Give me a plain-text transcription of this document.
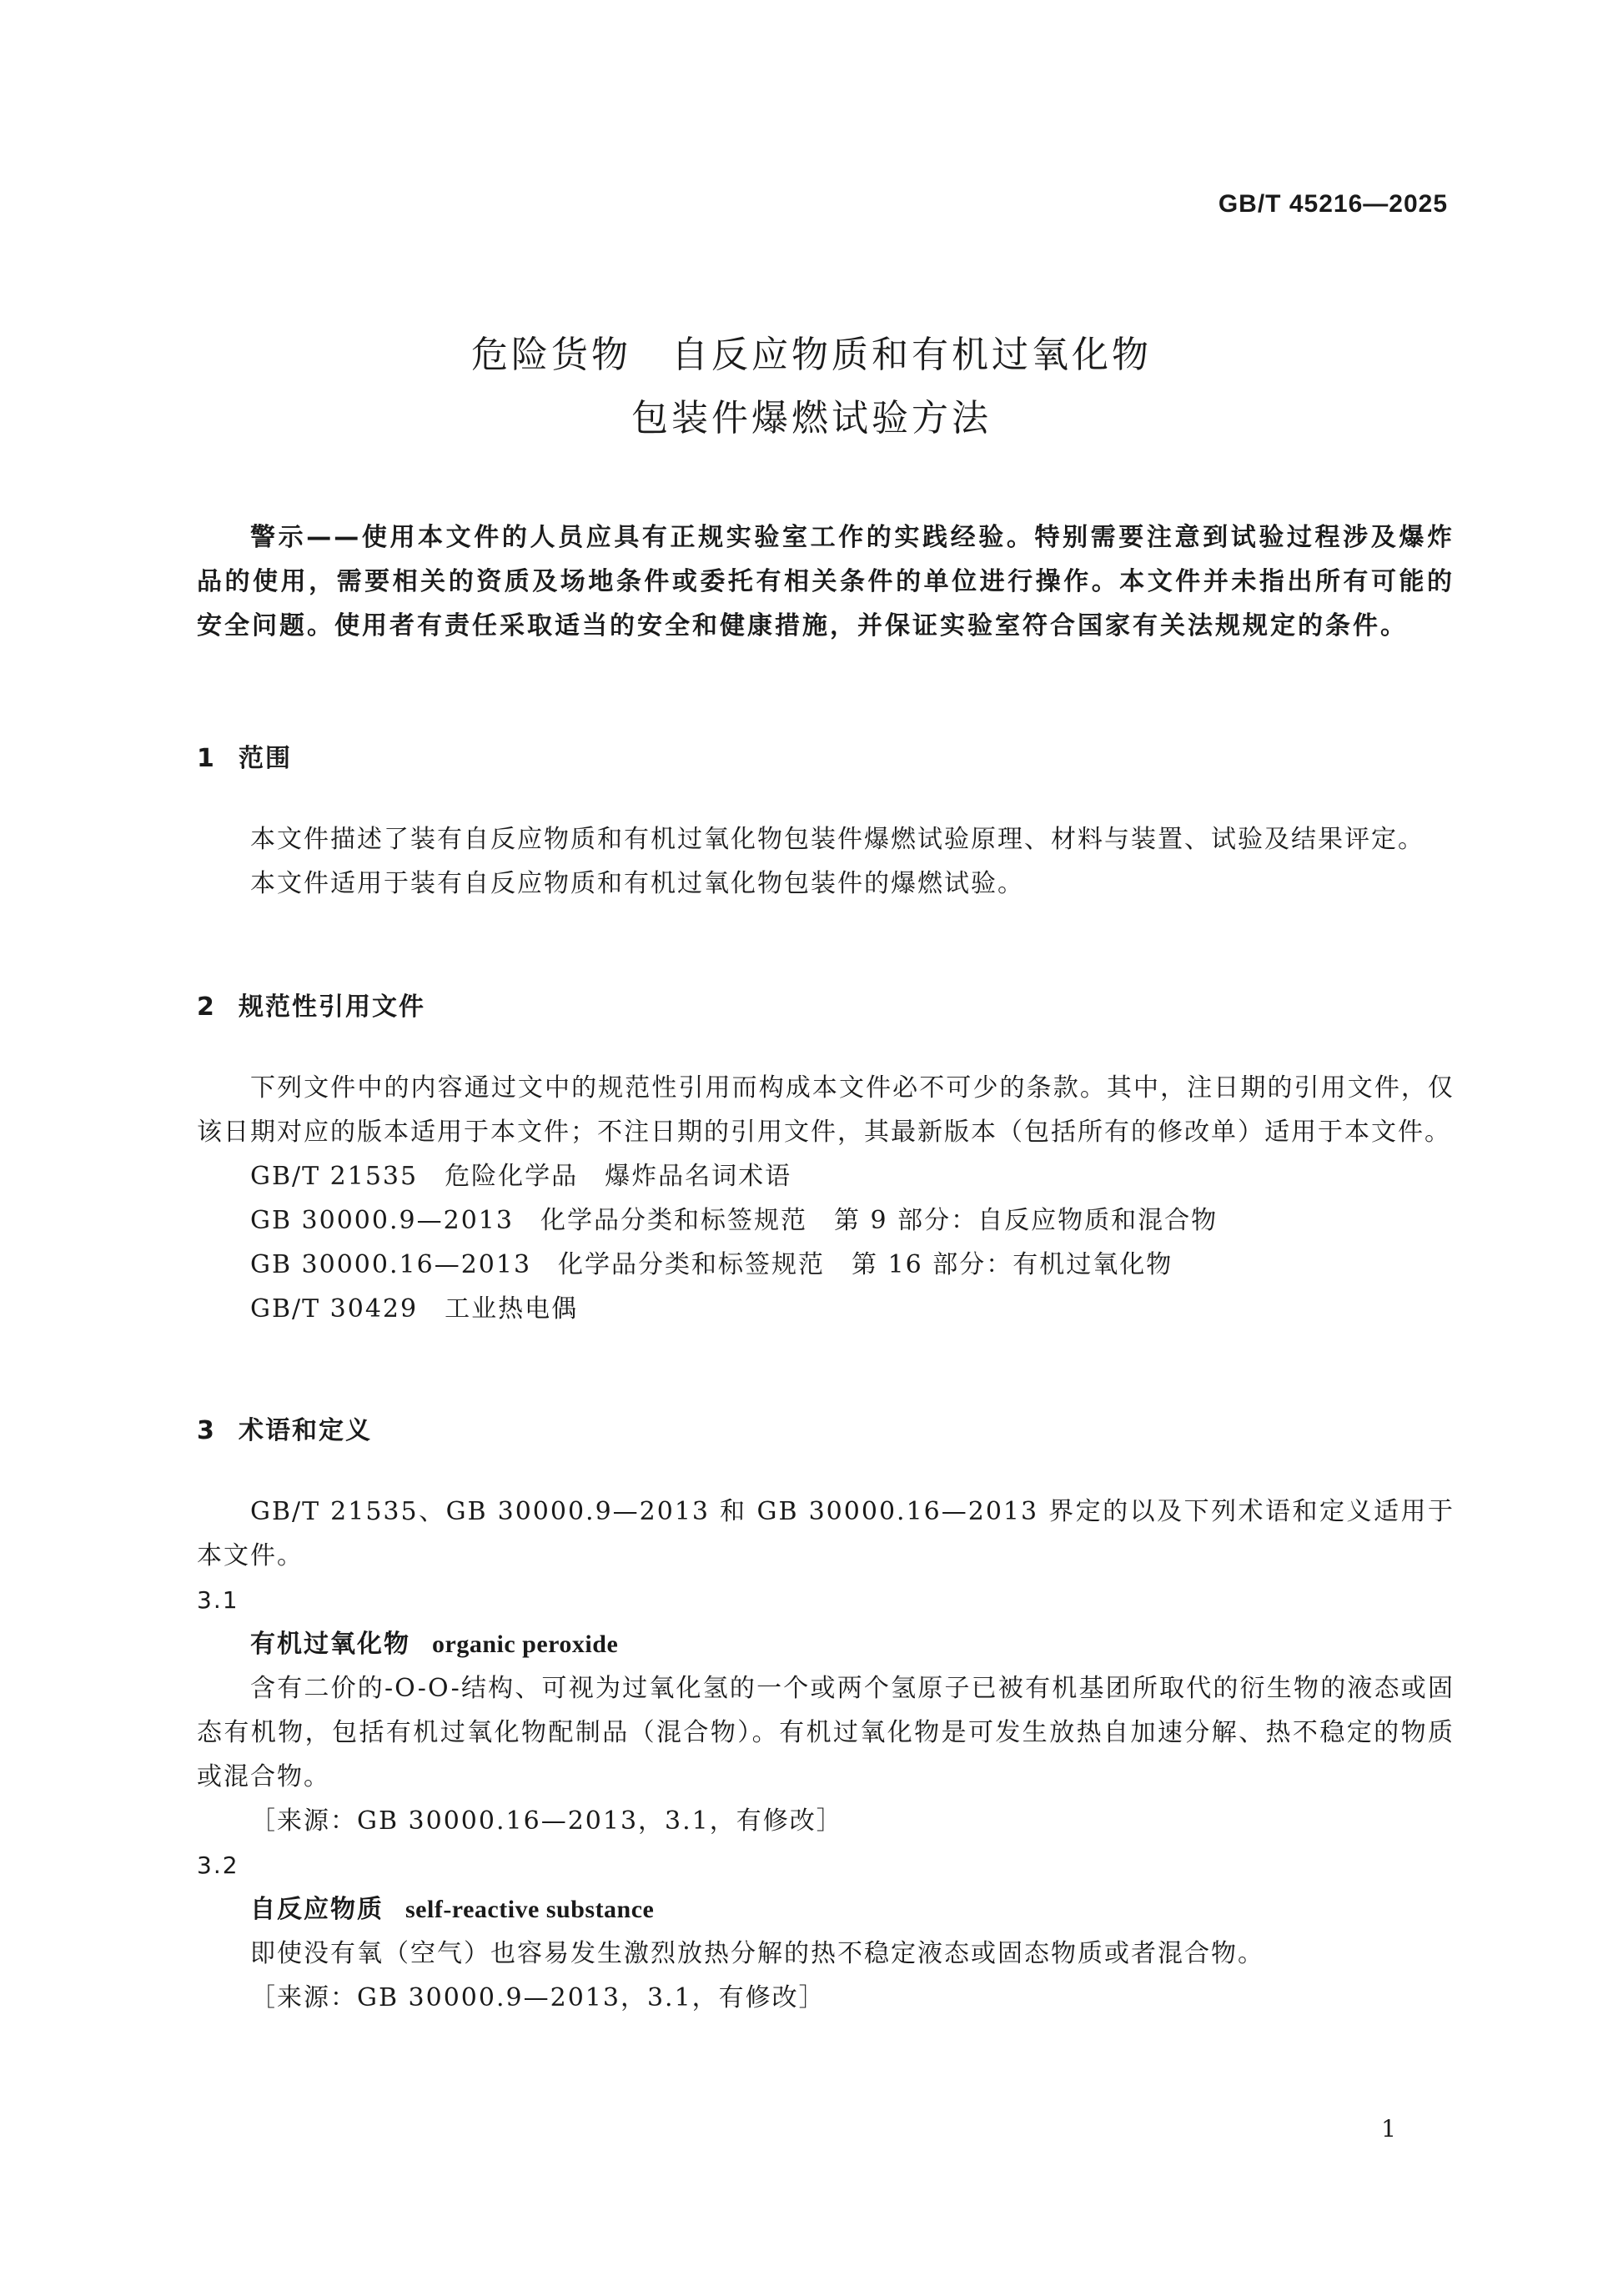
GB/T 45216—2025
危险货物　自反应物质和有机过氧化物
包装件爆燃试验方法

警示——使用本文件的人员应具有正规实验室工作的实践经验。特别需要注意到试验过程涉及爆炸品的使用，需要相关的资质及场地条件或委托有相关条件的单位进行操作。本文件并未指出所有可能的安全问题。使用者有责任采取适当的安全和健康措施，并保证实验室符合国家有关法规规定的条件。

1 范围

本文件描述了装有自反应物质和有机过氧化物包装件爆燃试验原理、材料与装置、试验及结果评定。

本文件适用于装有自反应物质和有机过氧化物包装件的爆燃试验。

2 规范性引用文件

下列文件中的内容通过文中的规范性引用而构成本文件必不可少的条款。其中，注日期的引用文件，仅该日期对应的版本适用于本文件；不注日期的引用文件，其最新版本（包括所有的修改单）适用于本文件。

GB/T 21535　危险化学品　爆炸品名词术语

GB 30000.9—2013　化学品分类和标签规范　第 9 部分：自反应物质和混合物

GB 30000.16—2013　化学品分类和标签规范　第 16 部分：有机过氧化物

GB/T 30429　工业热电偶

3 术语和定义

GB/T 21535、GB 30000.9—2013 和 GB 30000.16—2013 界定的以及下列术语和定义适用于本文件。

3.1

有机过氧化物 organic peroxide

含有二价的-O-O-结构、可视为过氧化氢的一个或两个氢原子已被有机基团所取代的衍生物的液态或固态有机物，包括有机过氧化物配制品（混合物）。有机过氧化物是可发生放热自加速分解、热不稳定的物质或混合物。

［来源：GB 30000.16—2013，3.1，有修改］

3.2

自反应物质 self-reactive substance

即使没有氧（空气）也容易发生激烈放热分解的热不稳定液态或固态物质或者混合物。

［来源：GB 30000.9—2013，3.1，有修改］

1
